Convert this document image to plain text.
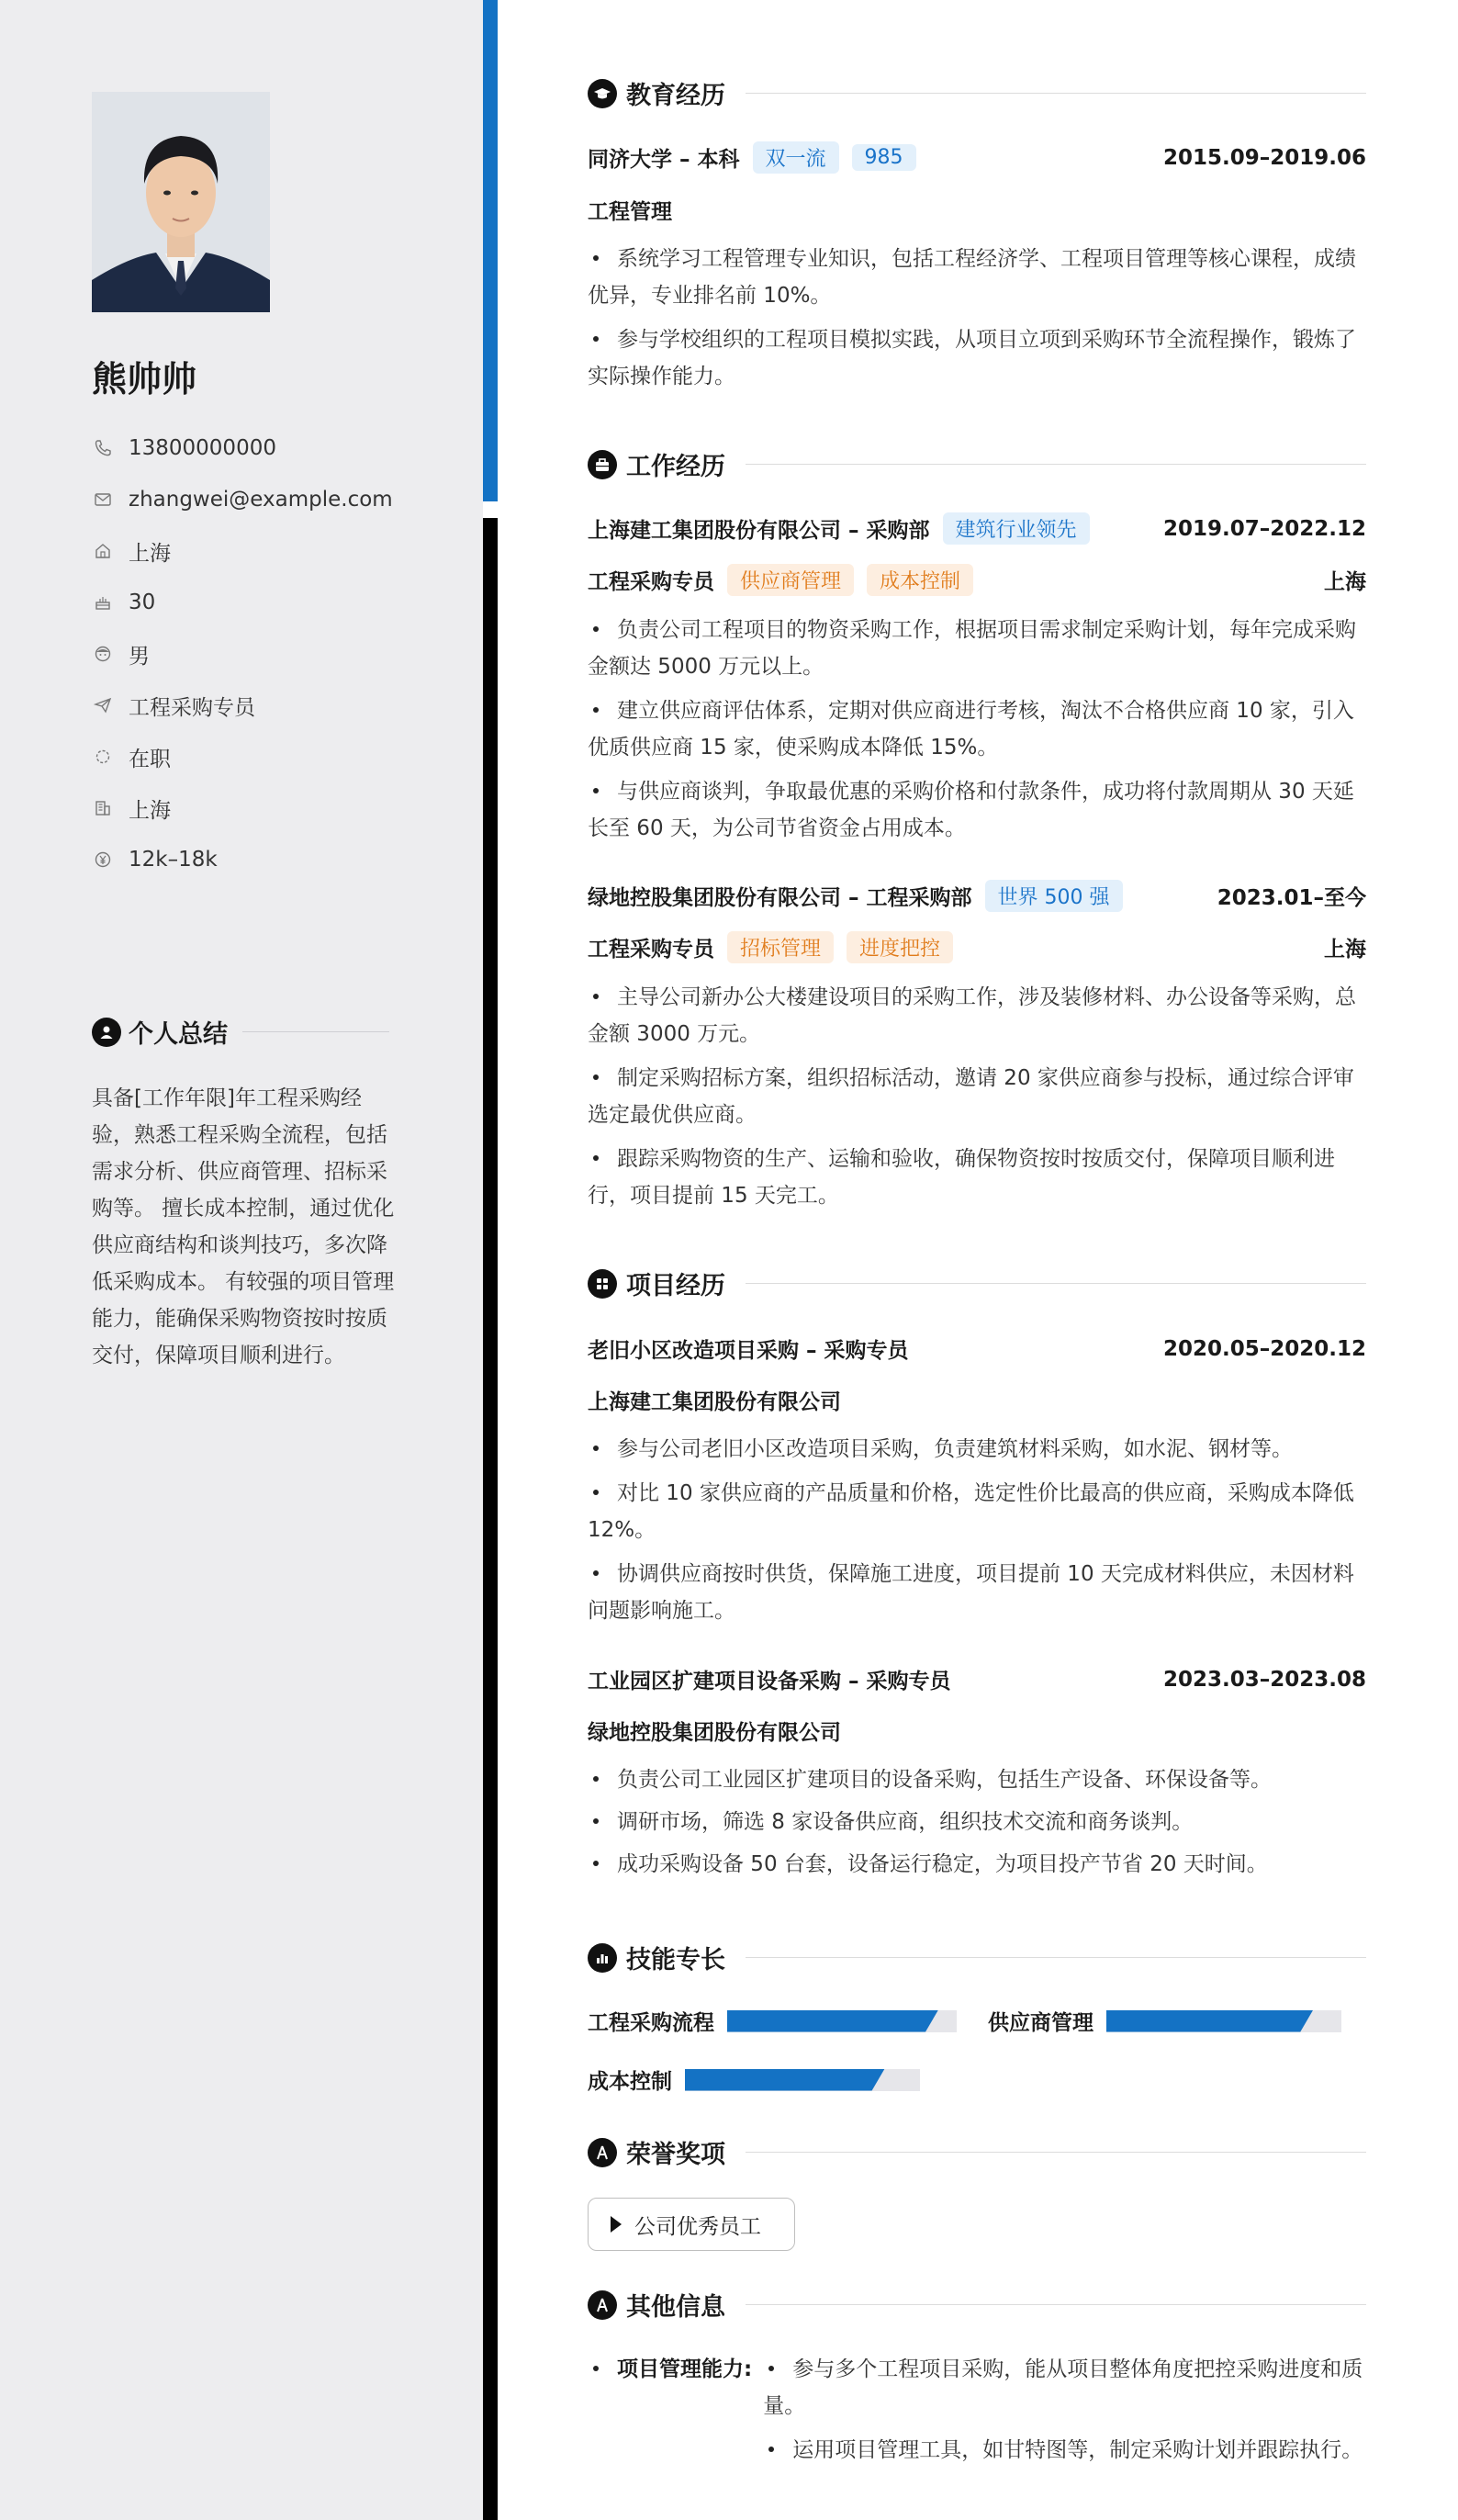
熊帅帅
13800000000
zhangwei@example.com
上海
30
男
工程采购专员
在职
上海
12k–18k
个人总结
具备[工作年限]年工程采购经验，熟悉工程采购全流程，包括需求分析、供应商管理、招标采购等。 擅长成本控制，通过优化供应商结构和谈判技巧，多次降低采购成本。 有较强的项目管理能力，能确保采购物资按时按质交付，保障项目顺利进行。
教育经历
同济大学 – 本科	双一流	985	2015.09–2019.06
工程管理
系统学习工程管理专业知识，包括工程经济学、工程项目管理等核心课程，成绩优异，专业排名前 10%。
参与学校组织的工程项目模拟实践，从项目立项到采购环节全流程操作，锻炼了实际操作能力。
工作经历
上海建工集团股份有限公司 – 采购部	建筑行业领先	2019.07–2022.12
工程采购专员	供应商管理	成本控制	上海
负责公司工程项目的物资采购工作，根据项目需求制定采购计划，每年完成采购金额达 5000 万元以上。
建立供应商评估体系，定期对供应商进行考核，淘汰不合格供应商 10 家，引入优质供应商 15 家，使采购成本降低 15%。
与供应商谈判，争取最优惠的采购价格和付款条件，成功将付款周期从 30 天延长至 60 天，为公司节省资金占用成本。
绿地控股集团股份有限公司 – 工程采购部	世界 500 强	2023.01–至今
工程采购专员	招标管理	进度把控	上海
主导公司新办公大楼建设项目的采购工作，涉及装修材料、办公设备等采购，总金额 3000 万元。
制定采购招标方案，组织招标活动，邀请 20 家供应商参与投标，通过综合评审选定最优供应商。
跟踪采购物资的生产、运输和验收，确保物资按时按质交付，保障项目顺利进行，项目提前 15 天完工。
项目经历
老旧小区改造项目采购 – 采购专员	2020.05–2020.12
上海建工集团股份有限公司
参与公司老旧小区改造项目采购，负责建筑材料采购，如水泥、钢材等。
对比 10 家供应商的产品质量和价格，选定性价比最高的供应商，采购成本降低 12%。
协调供应商按时供货，保障施工进度，项目提前 10 天完成材料供应，未因材料问题影响施工。
工业园区扩建项目设备采购 – 采购专员	2023.03–2023.08
绿地控股集团股份有限公司
负责公司工业园区扩建项目的设备采购，包括生产设备、环保设备等。
调研市场，筛选 8 家设备供应商，组织技术交流和商务谈判。
成功采购设备 50 台套，设备运行稳定，为项目投产节省 20 天时间。
技能专长
工程采购流程	供应商管理
成本控制
荣誉奖项
公司优秀员工
其他信息
项目管理能力:	参与多个工程项目采购，能从项目整体角度把控采购进度和质量。
运用项目管理工具，如甘特图等，制定采购计划并跟踪执行。
